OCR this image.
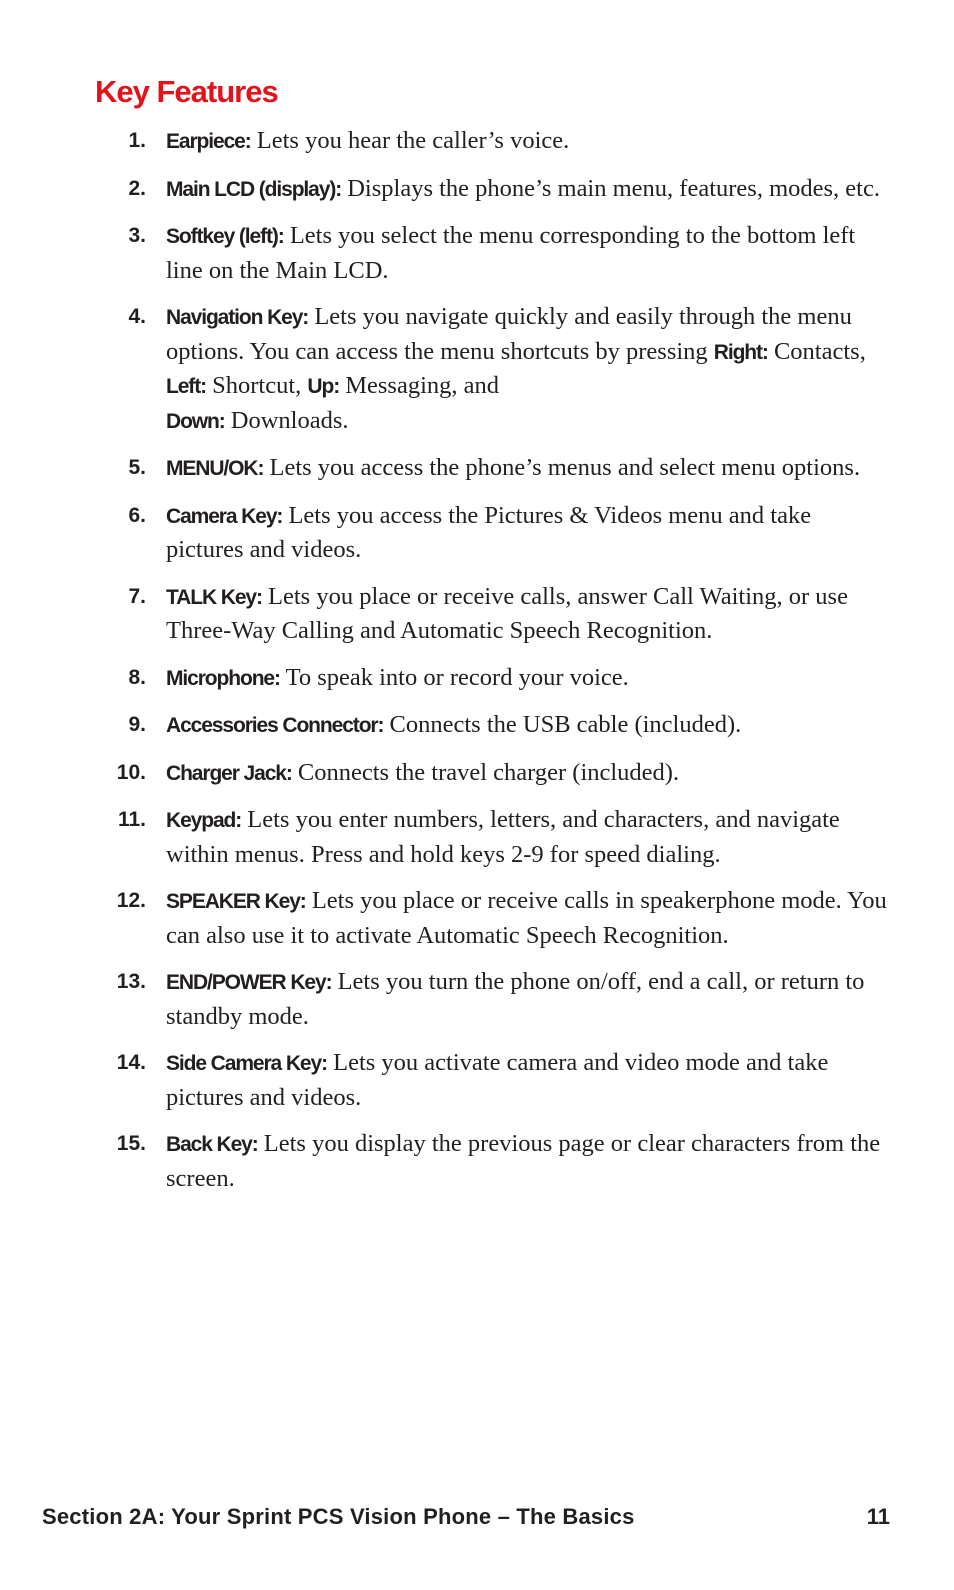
Key Features
1. Earpiece: Lets you hear the caller’s voice.
2. Main LCD (display): Displays the phone’s main menu, features, modes, etc.
3. Softkey (left): Lets you select the menu corresponding to the bottom left line on the Main LCD.
4. Navigation Key: Lets you navigate quickly and easily through the menu options. You can access the menu shortcuts by pressing Right: Contacts, Left: Shortcut, Up: Messaging, and
Down: Downloads.
5. MENU/OK: Lets you access the phone’s menus and select menu options.
6. Camera Key: Lets you access the Pictures & Videos menu and take pictures and videos.
7. TALK Key: Lets you place or receive calls, answer Call Waiting, or use Three-Way Calling and Automatic Speech Recognition.
8. Microphone: To speak into or record your voice.
9. Accessories Connector: Connects the USB cable (included).
10. Charger Jack: Connects the travel charger (included).
11. Keypad: Lets you enter numbers, letters, and characters, and navigate within menus. Press and hold keys 2-9 for speed dialing.
12. SPEAKER Key: Lets you place or receive calls in speakerphone mode. You can also use it to activate Automatic Speech Recognition.
13. END/POWER Key: Lets you turn the phone on/off, end a call, or return to standby mode.
14. Side Camera Key: Lets you activate camera and video mode and take pictures and videos.
15. Back Key: Lets you display the previous page or clear characters from the screen.
Section 2A: Your Sprint PCS Vision Phone – The Basics	11
